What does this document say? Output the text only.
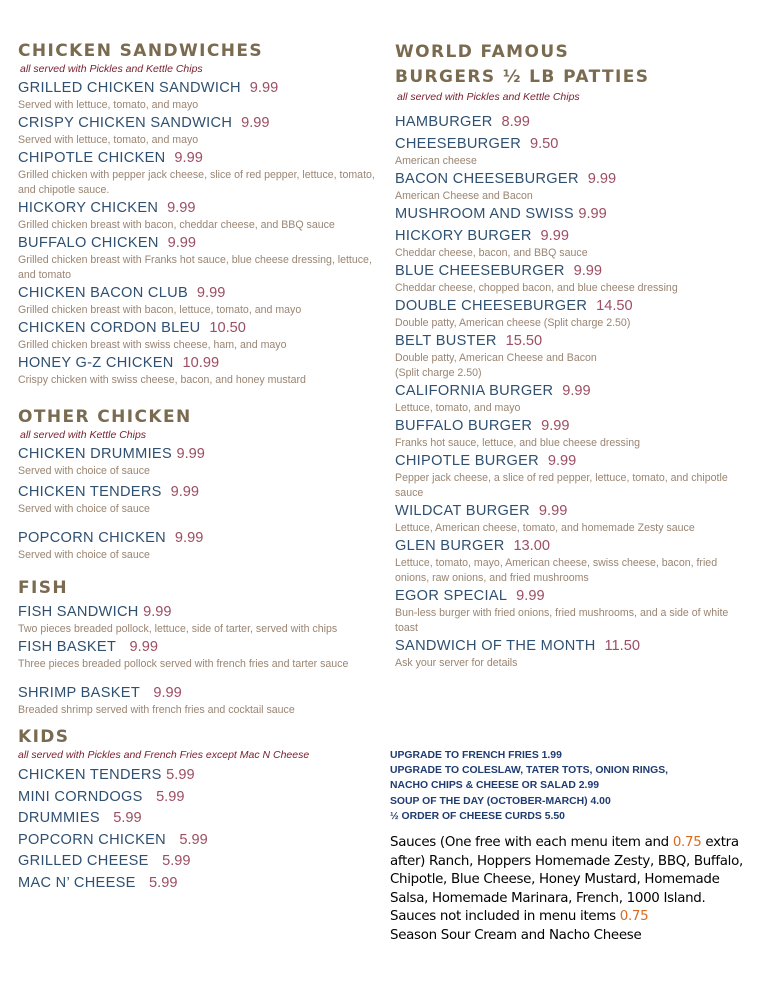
CHICKEN SANDWICHES
all served with Pickles and Kettle Chips
GRILLED CHICKEN SANDWICH 9.99
Served with lettuce, tomato, and mayo
CRISPY CHICKEN SANDWICH 9.99
Served with lettuce, tomato, and mayo
CHIPOTLE CHICKEN 9.99
Grilled chicken with pepper jack cheese, slice of red pepper, lettuce, tomato, and chipotle sauce.
HICKORY CHICKEN 9.99
Grilled chicken breast with bacon, cheddar cheese, and BBQ sauce
BUFFALO CHICKEN 9.99
Grilled chicken breast with Franks hot sauce, blue cheese dressing, lettuce, and tomato
CHICKEN BACON CLUB 9.99
Grilled chicken breast with bacon, lettuce, tomato, and mayo
CHICKEN CORDON BLEU 10.50
Grilled chicken breast with swiss cheese, ham, and mayo
HONEY G-Z CHICKEN 10.99
Crispy chicken with swiss cheese, bacon, and honey mustard
OTHER CHICKEN
all served with Kettle Chips
CHICKEN DRUMMIES 9.99
Served with choice of sauce
CHICKEN TENDERS 9.99
Served with choice of sauce
POPCORN CHICKEN 9.99
Served with choice of sauce
FISH
FISH SANDWICH 9.99
Two pieces breaded pollock, lettuce, side of tarter, served with chips
FISH BASKET 9.99
Three pieces breaded pollock served with french fries and tarter sauce
SHRIMP BASKET 9.99
Breaded shrimp served with french fries and cocktail sauce
KIDS
all served with Pickles and French Fries except Mac N Cheese
CHICKEN TENDERS 5.99
MINI CORNDOGS 5.99
DRUMMIES 5.99
POPCORN CHICKEN 5.99
GRILLED CHEESE 5.99
MAC N’ CHEESE 5.99
WORLD FAMOUS
BURGERS ½ LB PATTIES
all served with Pickles and Kettle Chips
HAMBURGER 8.99
CHEESEBURGER 9.50
American cheese
BACON CHEESEBURGER 9.99
American Cheese and Bacon
MUSHROOM AND SWISS 9.99
HICKORY BURGER 9.99
Cheddar cheese, bacon, and BBQ sauce
BLUE CHEESEBURGER 9.99
Cheddar cheese, chopped bacon, and blue cheese dressing
DOUBLE CHEESEBURGER 14.50
Double patty, American cheese (Split charge 2.50)
BELT BUSTER 15.50
Double patty, American Cheese and Bacon
(Split charge 2.50)
CALIFORNIA BURGER 9.99
Lettuce, tomato, and mayo
BUFFALO BURGER 9.99
Franks hot sauce, lettuce, and blue cheese dressing
CHIPOTLE BURGER 9.99
Pepper jack cheese, a slice of red pepper, lettuce, tomato, and chipotle sauce
WILDCAT BURGER 9.99
Lettuce, American cheese, tomato, and homemade Zesty sauce
GLEN BURGER 13.00
Lettuce, tomato, mayo, American cheese, swiss cheese, bacon, fried onions, raw onions, and fried mushrooms
EGOR SPECIAL 9.99
Bun-less burger with fried onions, fried mushrooms, and a side of white toast
SANDWICH OF THE MONTH 11.50
Ask your server for details
UPGRADE TO FRENCH FRIES 1.99
UPGRADE TO COLESLAW, TATER TOTS, ONION RINGS,
NACHO CHIPS & CHEESE OR SALAD 2.99
SOUP OF THE DAY (OCTOBER-MARCH) 4.00
½ ORDER OF CHEESE CURDS 5.50
Sauces (One free with each menu item and 0.75 extra after) Ranch, Hoppers Homemade Zesty, BBQ, Buffalo, Chipotle, Blue Cheese, Honey Mustard, Homemade Salsa, Homemade Marinara, French, 1000 Island.
Sauces not included in menu items 0.75
Season Sour Cream and Nacho Cheese
